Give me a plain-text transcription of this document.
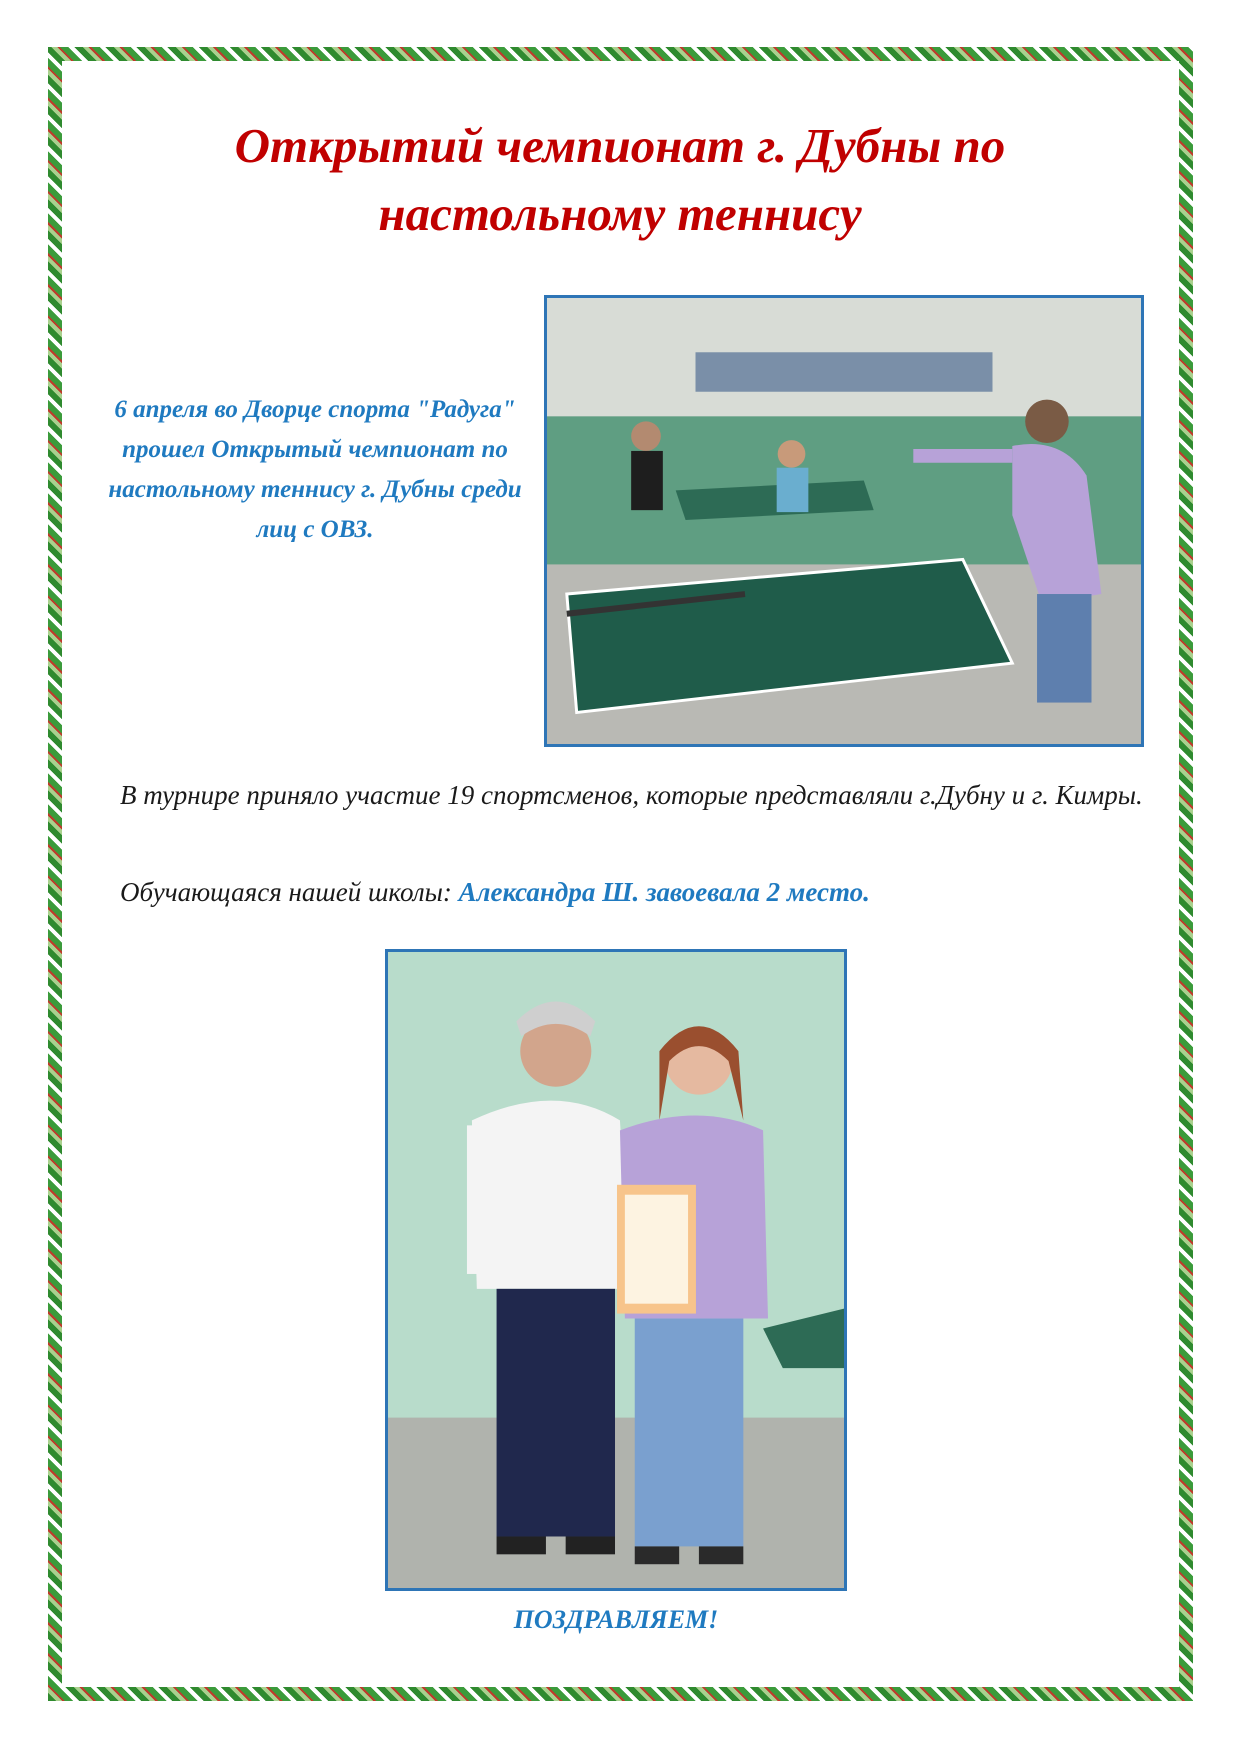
Открытий чемпионат г. Дубны по настольному теннису
6 апреля во Дворце спорта "Радуга" прошел Открытый чемпионат по настольному теннису г. Дубны среди лиц с ОВЗ.
В турнире приняло участие 19 спортсменов, которые представляли г.Дубну и г. Кимры.
Обучающаяся нашей школы: Александра Ш. завоевала 2 место.
ПОЗДРАВЛЯЕМ!
